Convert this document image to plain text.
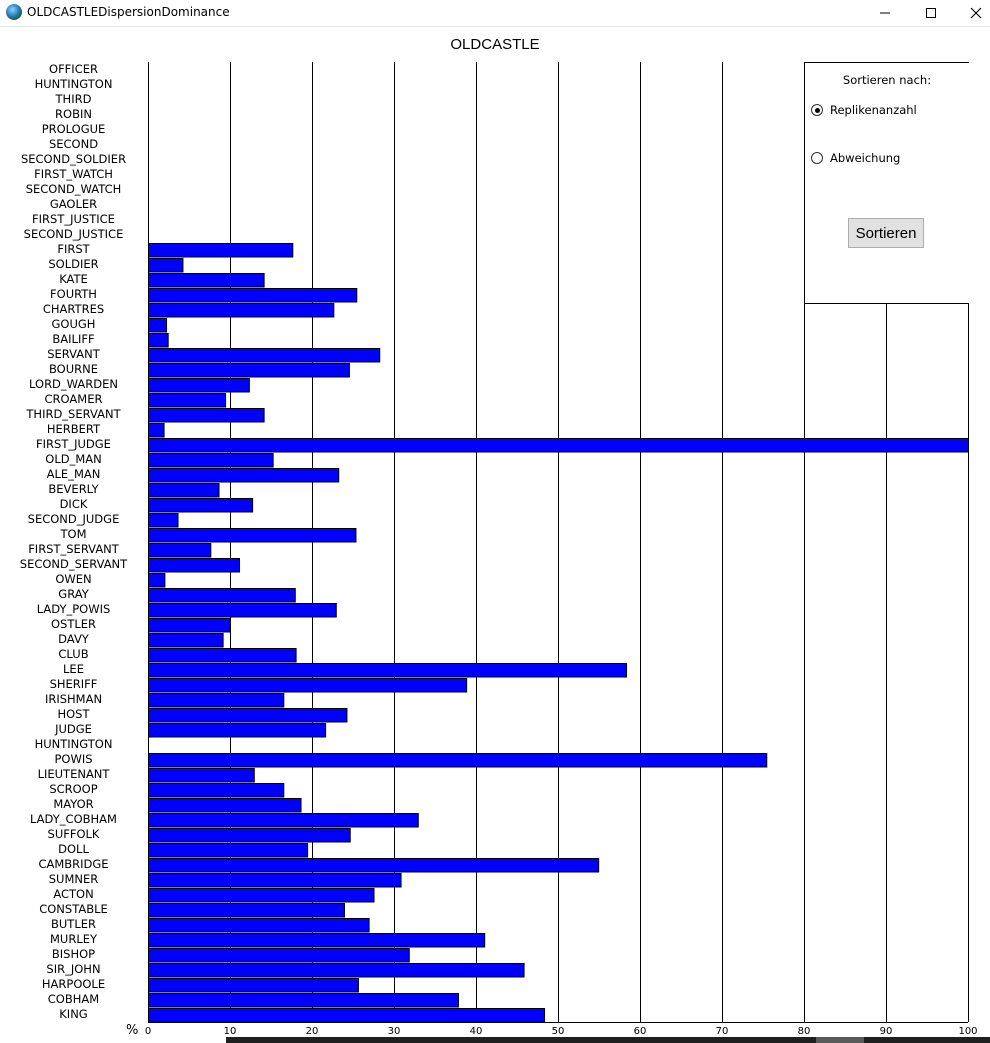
OLDCASTLEDispersionDominance
OLDCASTLE
OFFICER
HUNTINGTON
THIRD
ROBIN
PROLOGUE
SECOND
SECOND_SOLDIER
FIRST_WATCH
SECOND_WATCH
GAOLER
FIRST_JUSTICE
SECOND_JUSTICE
FIRST
SOLDIER
KATE
FOURTH
CHARTRES
GOUGH
BAILIFF
SERVANT
BOURNE
LORD_WARDEN
CROAMER
THIRD_SERVANT
HERBERT
FIRST_JUDGE
OLD_MAN
ALE_MAN
BEVERLY
DICK
SECOND_JUDGE
TOM
FIRST_SERVANT
SECOND_SERVANT
OWEN
GRAY
LADY_POWIS
OSTLER
DAVY
CLUB
LEE
SHERIFF
IRISHMAN
HOST
JUDGE
HUNTINGTON
POWIS
LIEUTENANT
SCROOP
MAYOR
LADY_COBHAM
SUFFOLK
DOLL
CAMBRIDGE
SUMNER
ACTON
CONSTABLE
BUTLER
MURLEY
BISHOP
SIR_JOHN
HARPOOLE
COBHAM
KING
0	10	20	30	40	50	60	70	80	90	100
%
Sortieren nach:
Replikenanzahl
Abweichung
Sortieren
